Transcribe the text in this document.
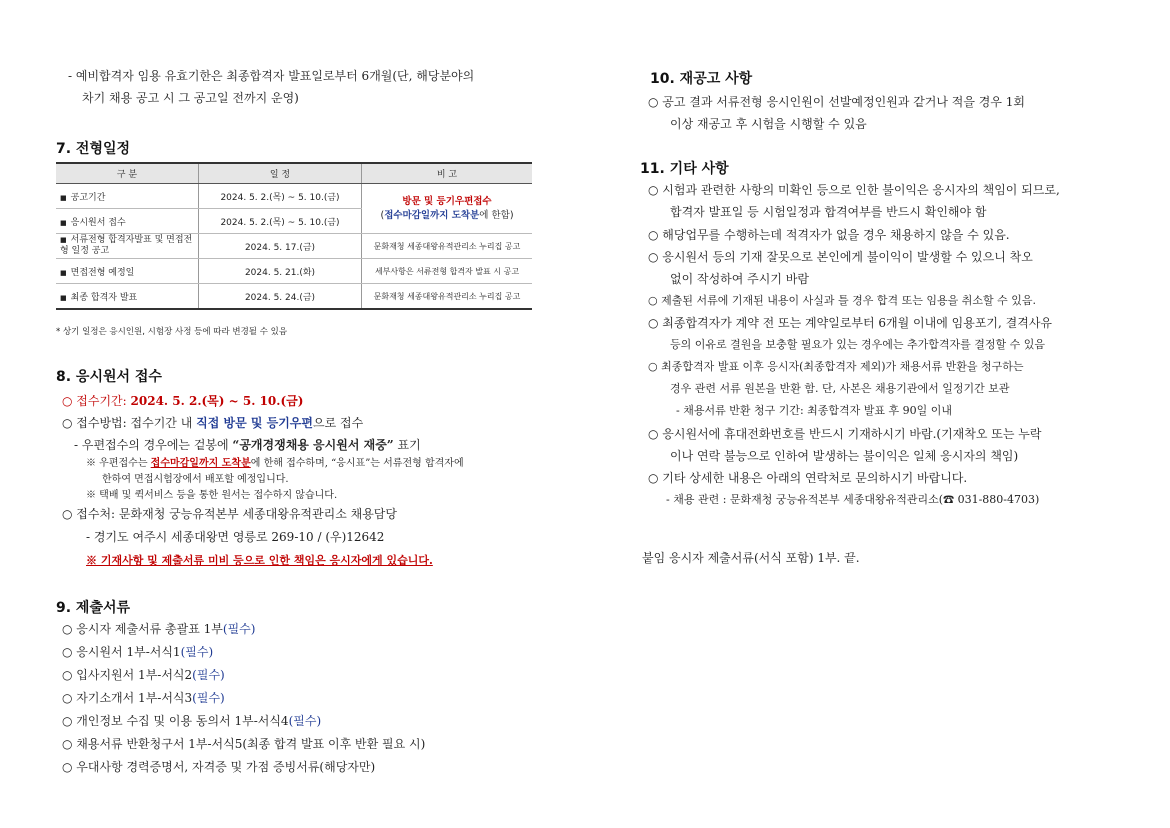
- 예비합격자 임용 유효기한은 최종합격자 발표일로부터 6개월(단, 해당분야의
차기 채용 공고 시 그 공고일 전까지 운영)
7. 전형일정
구 분	일 정	비 고
■ 공고기간	2024. 5. 2.(목) ~ 5. 10.(금)	방문 및 등기우편접수
(접수마감일까지 도착분에 한함)
■ 응시원서 접수	2024. 5. 2.(목) ~ 5. 10.(금)	
■ 서류전형 합격자발표 및 면접전형 일정 공고	2024. 5. 17.(금)	문화재청 세종대왕유적관리소 누리집 공고
■ 면접전형 예정일	2024. 5. 21.(화)	세부사항은 서류전형 합격자 발표 시 공고
■ 최종 합격자 발표	2024. 5. 24.(금)	문화재청 세종대왕유적관리소 누리집 공고
* 상기 일정은 응시인원, 시험장 사정 등에 따라 변경될 수 있음
8. 응시원서 접수
○ 접수기간: 2024. 5. 2.(목) ~ 5. 10.(금)
○ 접수방법: 접수기간 내 직접 방문 및 등기우편으로 접수
- 우편접수의 경우에는 겉봉에 “공개경쟁채용 응시원서 재중” 표기
※ 우편접수는 접수마감일까지 도착분에 한해 접수하며, “응시표”는 서류전형 합격자에
한하여 면접시험장에서 배포할 예정입니다.
※ 택배 및 퀵서비스 등을 통한 원서는 접수하지 않습니다.
○ 접수처: 문화재청 궁능유적본부 세종대왕유적관리소 채용담당
- 경기도 여주시 세종대왕면 영릉로 269-10 / (우)12642
※ 기재사항 및 제출서류 미비 등으로 인한 책임은 응시자에게 있습니다.
9. 제출서류
○ 응시자 제출서류 총괄표 1부(필수)
○ 응시원서 1부-서식1(필수)
○ 입사지원서 1부-서식2(필수)
○ 자기소개서 1부-서식3(필수)
○ 개인정보 수집 및 이용 동의서 1부-서식4(필수)
○ 채용서류 반환청구서 1부-서식5(최종 합격 발표 이후 반환 필요 시)
○ 우대사항 경력증명서, 자격증 및 가점 증빙서류(해당자만)
10. 재공고 사항
○ 공고 결과 서류전형 응시인원이 선발예정인원과 같거나 적을 경우 1회
이상 재공고 후 시험을 시행할 수 있음
11. 기타 사항
○ 시험과 관련한 사항의 미확인 등으로 인한 불이익은 응시자의 책임이 되므로,
합격자 발표일 등 시험일정과 합격여부를 반드시 확인해야 함
○ 해당업무를 수행하는데 적격자가 없을 경우 채용하지 않을 수 있음.
○ 응시원서 등의 기재 잘못으로 본인에게 불이익이 발생할 수 있으니 착오
없이 작성하여 주시기 바람
○ 제출된 서류에 기재된 내용이 사실과 틀 경우 합격 또는 임용을 취소할 수 있음.
○ 최종합격자가 계약 전 또는 계약일로부터 6개월 이내에 임용포기, 결격사유
등의 이유로 결원을 보충할 필요가 있는 경우에는 추가합격자를 결정할 수 있음
○ 최종합격자 발표 이후 응시자(최종합격자 제외)가 채용서류 반환을 청구하는
경우 관련 서류 원본을 반환 함. 단, 사본은 채용기관에서 일정기간 보관
- 채용서류 반환 청구 기간: 최종합격자 발표 후 90일 이내
○ 응시원서에 휴대전화번호를 반드시 기재하시기 바람.(기재착오 또는 누락
이나 연락 불능으로 인하여 발생하는 불이익은 일체 응시자의 책임)
○ 기타 상세한 내용은 아래의 연락처로 문의하시기 바랍니다.
- 채용 관련 : 문화재청 궁능유적본부 세종대왕유적관리소(☎ 031-880-4703)
붙임 응시자 제출서류(서식 포함) 1부. 끝.
